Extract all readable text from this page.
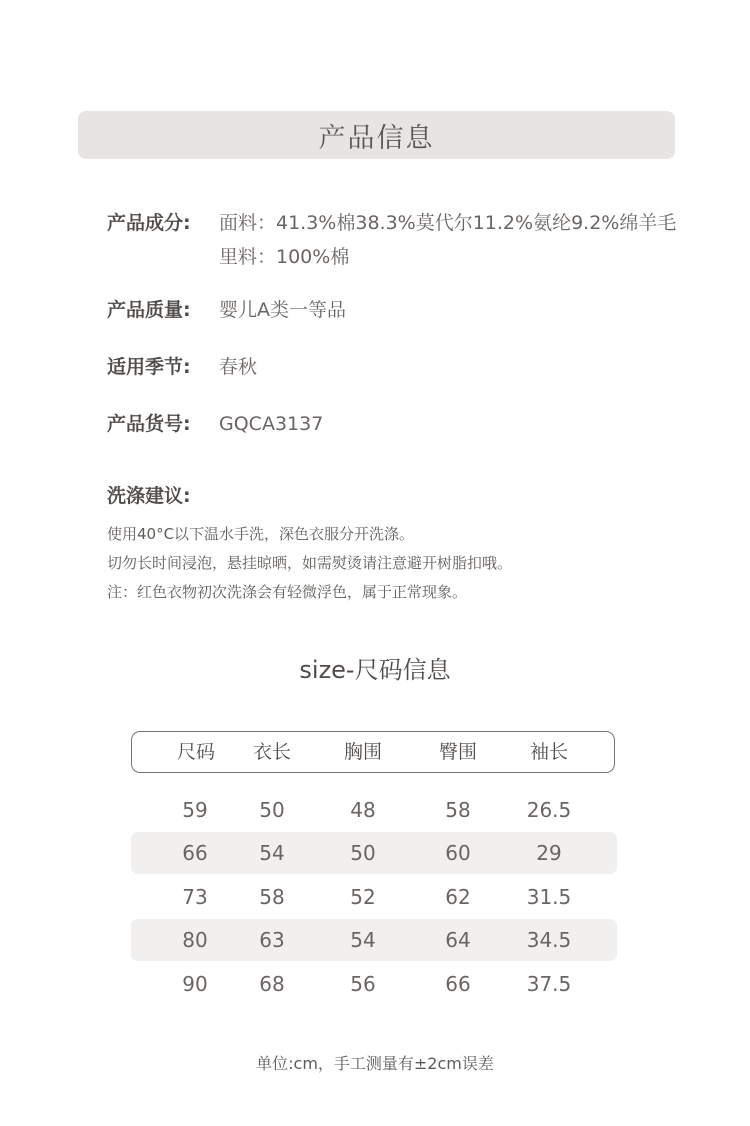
产品信息
产品成分:	面料：41.3%棉38.3%莫代尔11.2%氨纶9.2%绵羊毛
里料：100%棉
产品质量:	婴儿A类一等品
适用季节:	春秋
产品货号:	GQCA3137
洗涤建议:
使用40°C以下温水手洗，深色衣服分开洗涤。
切勿长时间浸泡，悬挂晾晒，如需熨烫请注意避开树脂扣哦。
注：红色衣物初次洗涤会有轻微浮色，属于正常现象。
size-尺码信息
尺码	衣长	胸围	臀围	袖长
59	50	48	58	26.5
66	54	50	60	29
73	58	52	62	31.5
80	63	54	64	34.5
90	68	56	66	37.5
单位:cm，手工测量有±2cm误差
